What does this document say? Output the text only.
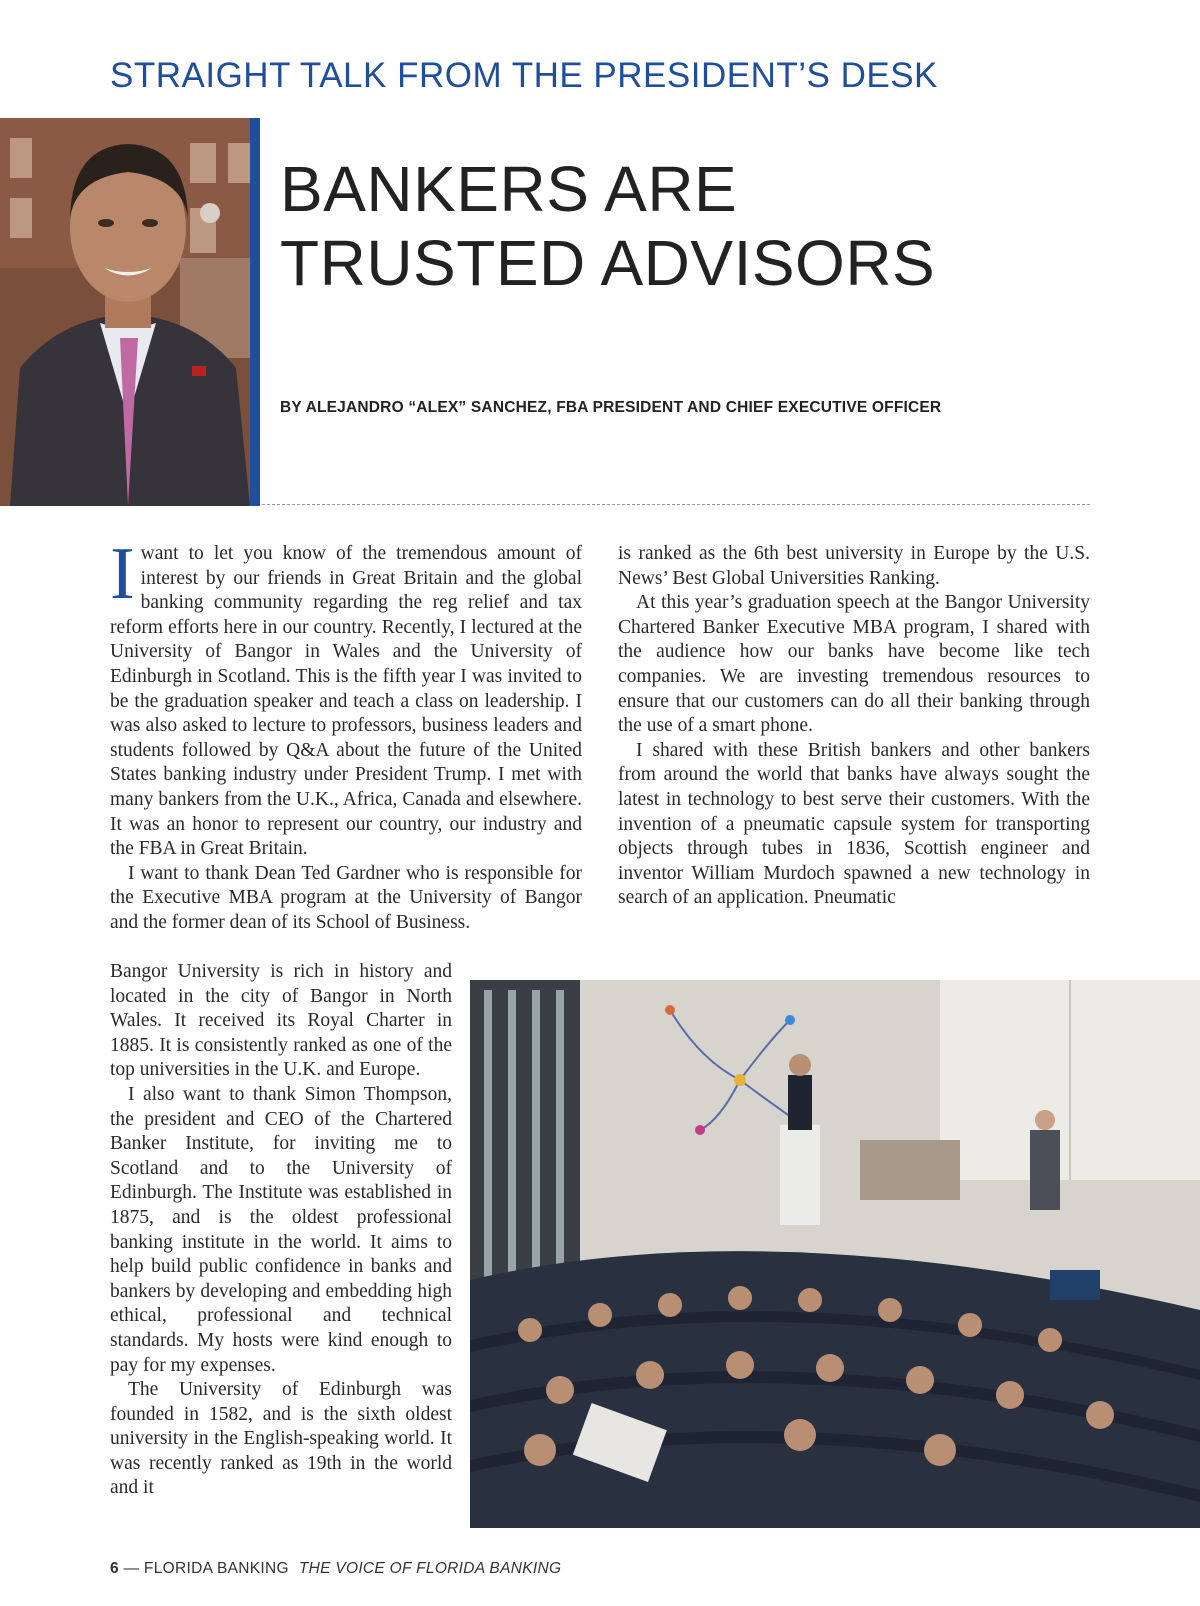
STRAIGHT TALK FROM THE PRESIDENT’S DESK
BANKERS ARE
TRUSTED ADVISORS
BY ALEJANDRO “ALEX” SANCHEZ, FBA PRESIDENT AND CHIEF EXECUTIVE OFFICER

Iwant to let you know of the tremendous amount of interest by our friends in Great Britain and the global banking community regarding the reg relief and tax reform efforts here in our country. Recently, I lectured at the University of Bangor in Wales and the University of Edinburgh in Scotland. This is the fifth year I was invited to be the graduation speaker and teach a class on leadership. I was also asked to lecture to professors, business leaders and students followed by Q&A about the future of the United States banking industry under President Trump. I met with many bankers from the U.K., Africa, Canada and elsewhere. It was an honor to represent our country, our industry and the FBA in Great Britain.

I want to thank Dean Ted Gardner who is responsible for the Executive MBA program at the University of Bangor and the former dean of its School of Business.

Bangor University is rich in history and located in the city of Bangor in North Wales. It received its Royal Charter in 1885. It is consistently ranked as one of the top universities in the U.K. and Europe.

I also want to thank Simon Thompson, the president and CEO of the Chartered Banker Institute, for inviting me to Scotland and to the University of Edinburgh. The Institute was established in 1875, and is the oldest professional banking institute in the world. It aims to help build public confidence in banks and bankers by developing and embedding high ethical, professional and technical standards. My hosts were kind enough to pay for my expenses.

The University of Edinburgh was founded in 1582, and is the sixth oldest university in the English-speaking world. It was recently ranked as 19th in the world and it

is ranked as the 6th best university in Europe by the U.S. News’ Best Global Universities Ranking.

At this year’s graduation speech at the Bangor University Chartered Banker Executive MBA program, I shared with the audience how our banks have become like tech companies. We are investing tremendous resources to ensure that our customers can do all their banking through the use of a smart phone.

I shared with these British bankers and other bankers from around the world that banks have always sought the latest in technology to best serve their customers. With the invention of a pneumatic capsule system for transporting objects through tubes in 1836, Scottish engineer and inventor William Murdoch spawned a new technology in search of an application. Pneumatic

6 — FLORIDA BANKING THE VOICE OF FLORIDA BANKING
